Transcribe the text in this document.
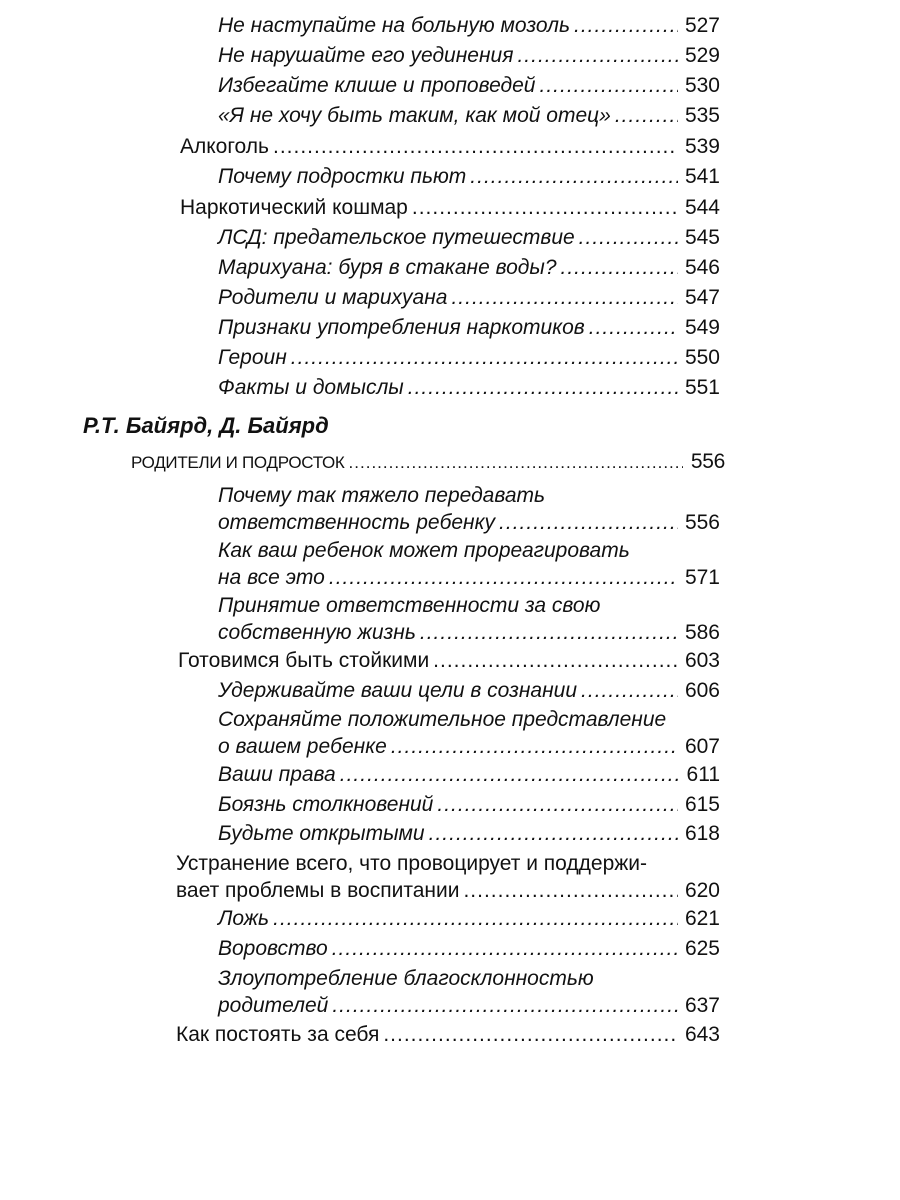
Не наступайте на больную мозоль .....	527
Не нарушайте его уединения .....	529
Избегайте клише и проповедей .....	530
«Я не хочу быть таким, как мой отец» .....	535
Алкоголь .....	539
Почему подростки пьют .....	541
Наркотический кошмар .....	544
ЛСД: предательское путешествие .....	545
Марихуана: буря в стакане воды? .....	546
Родители и марихуана .....	547
Признаки употребления наркотиков .....	549
Героин .....	550
Факты и домыслы .....	551
Р.Т. Байярд, Д. Байярд
РОДИТЕЛИ И ПОДРОСТОК .....	556
Почему так тяжело передавать
ответственность ребенку .....	556
Как ваш ребенок может прореагировать
на все это .....	571
Принятие ответственности за свою
собственную жизнь .....	586
Готовимся быть стойкими .....	603
Удерживайте ваши цели в сознании .....	606
Сохраняйте положительное представление
о вашем ребенке .....	607
Ваши права .....	611
Боязнь столкновений .....	615
Будьте открытыми .....	618
Устранение всего, что провоцирует и поддержи-
вает проблемы в воспитании .....	620
Ложь .....	621
Воровство .....	625
Злоупотребление благосклонностью
родителей .....	637
Как постоять за себя .....	643
